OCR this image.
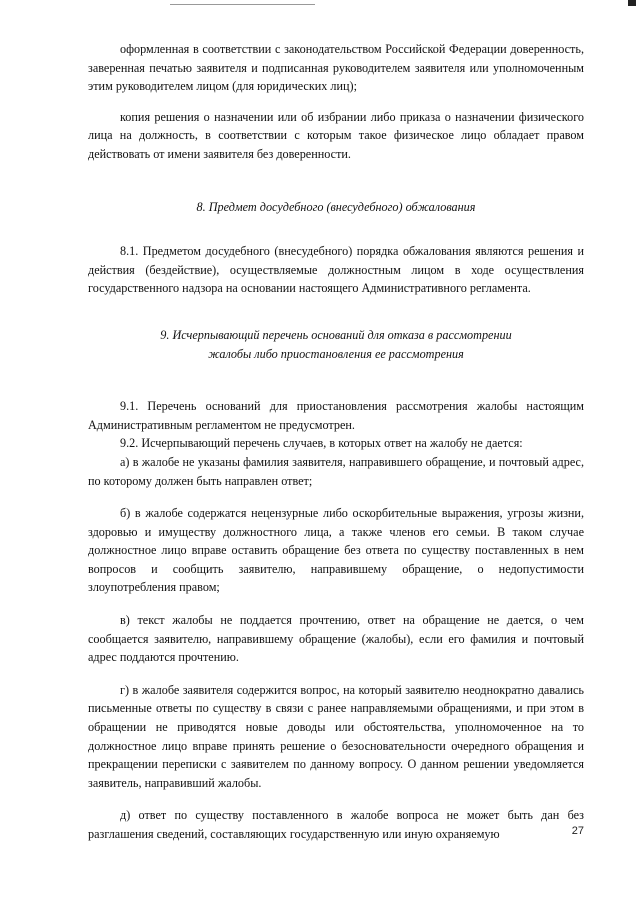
оформленная в соответствии с законодательством Российской Федерации доверенность, заверенная печатью заявителя и подписанная руководителем заявителя или уполномоченным этим руководителем лицом (для юридических лиц);

копия решения о назначении или об избрании либо приказа о назначении физического лица на должность, в соответствии с которым такое физическое лицо обладает правом действовать от имени заявителя без доверенности.

8. Предмет досудебного (внесудебного) обжалования

8.1. Предметом досудебного (внесудебного) порядка обжалования являются решения и действия (бездействие), осуществляемые должностным лицом в ходе осуществления государственного надзора на основании настоящего Административного регламента.

9. Исчерпывающий перечень оснований для отказа в рассмотрении
жалобы либо приостановления ее рассмотрения

9.1. Перечень оснований для приостановления рассмотрения жалобы настоящим Административным регламентом не предусмотрен.

9.2. Исчерпывающий перечень случаев, в которых ответ на жалобу не дается:

а) в жалобе не указаны фамилия заявителя, направившего обращение, и почтовый адрес, по которому должен быть направлен ответ;

б) в жалобе содержатся нецензурные либо оскорбительные выражения, угрозы жизни, здоровью и имуществу должностного лица, а также членов его семьи. В таком случае должностное лицо вправе оставить обращение без ответа по существу поставленных в нем вопросов и сообщить заявителю, направившему обращение, о недопустимости злоупотребления правом;

в) текст жалобы не поддается прочтению, ответ на обращение не дается, о чем сообщается заявителю, направившему обращение (жалобы), если его фамилия и почтовый адрес поддаются прочтению.

г) в жалобе заявителя содержится вопрос, на который заявителю неоднократно давались письменные ответы по существу в связи с ранее направляемыми обращениями, и при этом в обращении не приводятся новые доводы или обстоятельства, уполномоченное на то должностное лицо вправе принять решение о безосновательности очередного обращения и прекращении переписки с заявителем по данному вопросу. О данном решении уведомляется заявитель, направивший жалобы.

д) ответ по существу поставленного в жалобе вопроса не может быть дан без разглашения сведений, составляющих государственную или иную охраняемую	27
